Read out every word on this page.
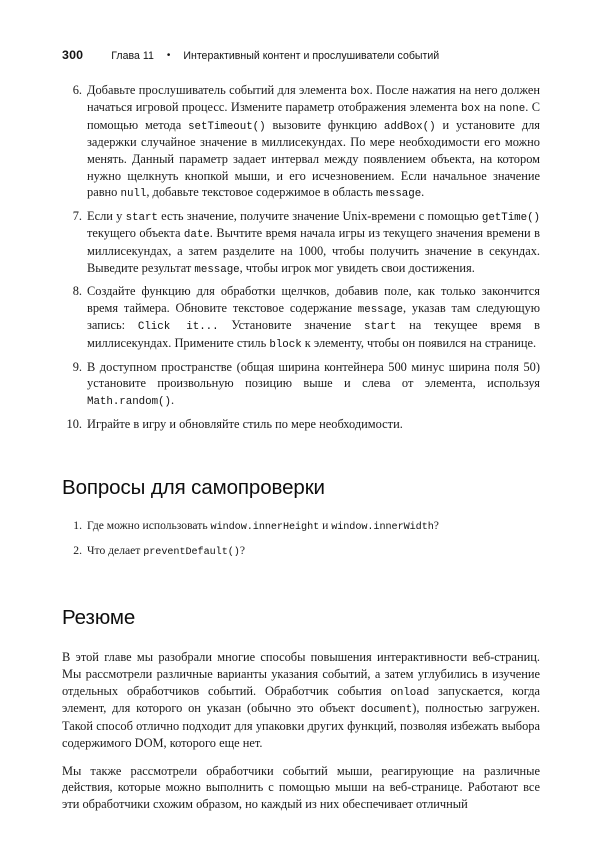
300	Глава 11 • Интерактивный контент и прослушиватели событий
6. Добавьте прослушиватель событий для элемента box. После нажатия на него должен начаться игровой процесс. Измените параметр отображения элемента box на none. С помощью метода setTimeout() вызовите функцию addBox() и установите для задержки случайное значение в миллисекундах. По мере необходимости его можно менять. Данный параметр задает интервал между появлением объекта, на котором нужно щелкнуть кнопкой мыши, и его исчезновением. Если начальное значение равно null, добавьте текстовое содержимое в область message.
7. Если у start есть значение, получите значение Unix-времени с помощью getTime() текущего объекта date. Вычтите время начала игры из текущего значения времени в миллисекундах, а затем разделите на 1000, чтобы получить значение в секундах. Выведите результат message, чтобы игрок мог увидеть свои достижения.
8. Создайте функцию для обработки щелчков, добавив поле, как только закончится время таймера. Обновите текстовое содержание message, указав там следующую запись: Click it... Установите значение start на текущее время в миллисекундах. Примените стиль block к элементу, чтобы он появился на странице.
9. В доступном пространстве (общая ширина контейнера 500 минус ширина поля 50) установите произвольную позицию выше и слева от элемента, используя Math.random().
10. Играйте в игру и обновляйте стиль по мере необходимости.
Вопросы для самопроверки
1. Где можно использовать window.innerHeight и window.innerWidth?
2. Что делает preventDefault()?
Резюме

В этой главе мы разобрали многие способы повышения интерактивности веб-страниц. Мы рассмотрели различные варианты указания событий, а затем углубились в изучение отдельных обработчиков событий. Обработчик события onload запускается, когда элемент, для которого он указан (обычно это объект document), полностью загружен. Такой способ отлично подходит для упаковки других функций, позволяя избежать выбора содержимого DOM, которого еще нет.

Мы также рассмотрели обработчики событий мыши, реагирующие на различные действия, которые можно выполнить с помощью мыши на веб-странице. Работают все эти обработчики схожим образом, но каждый из них обеспечивает отличный
